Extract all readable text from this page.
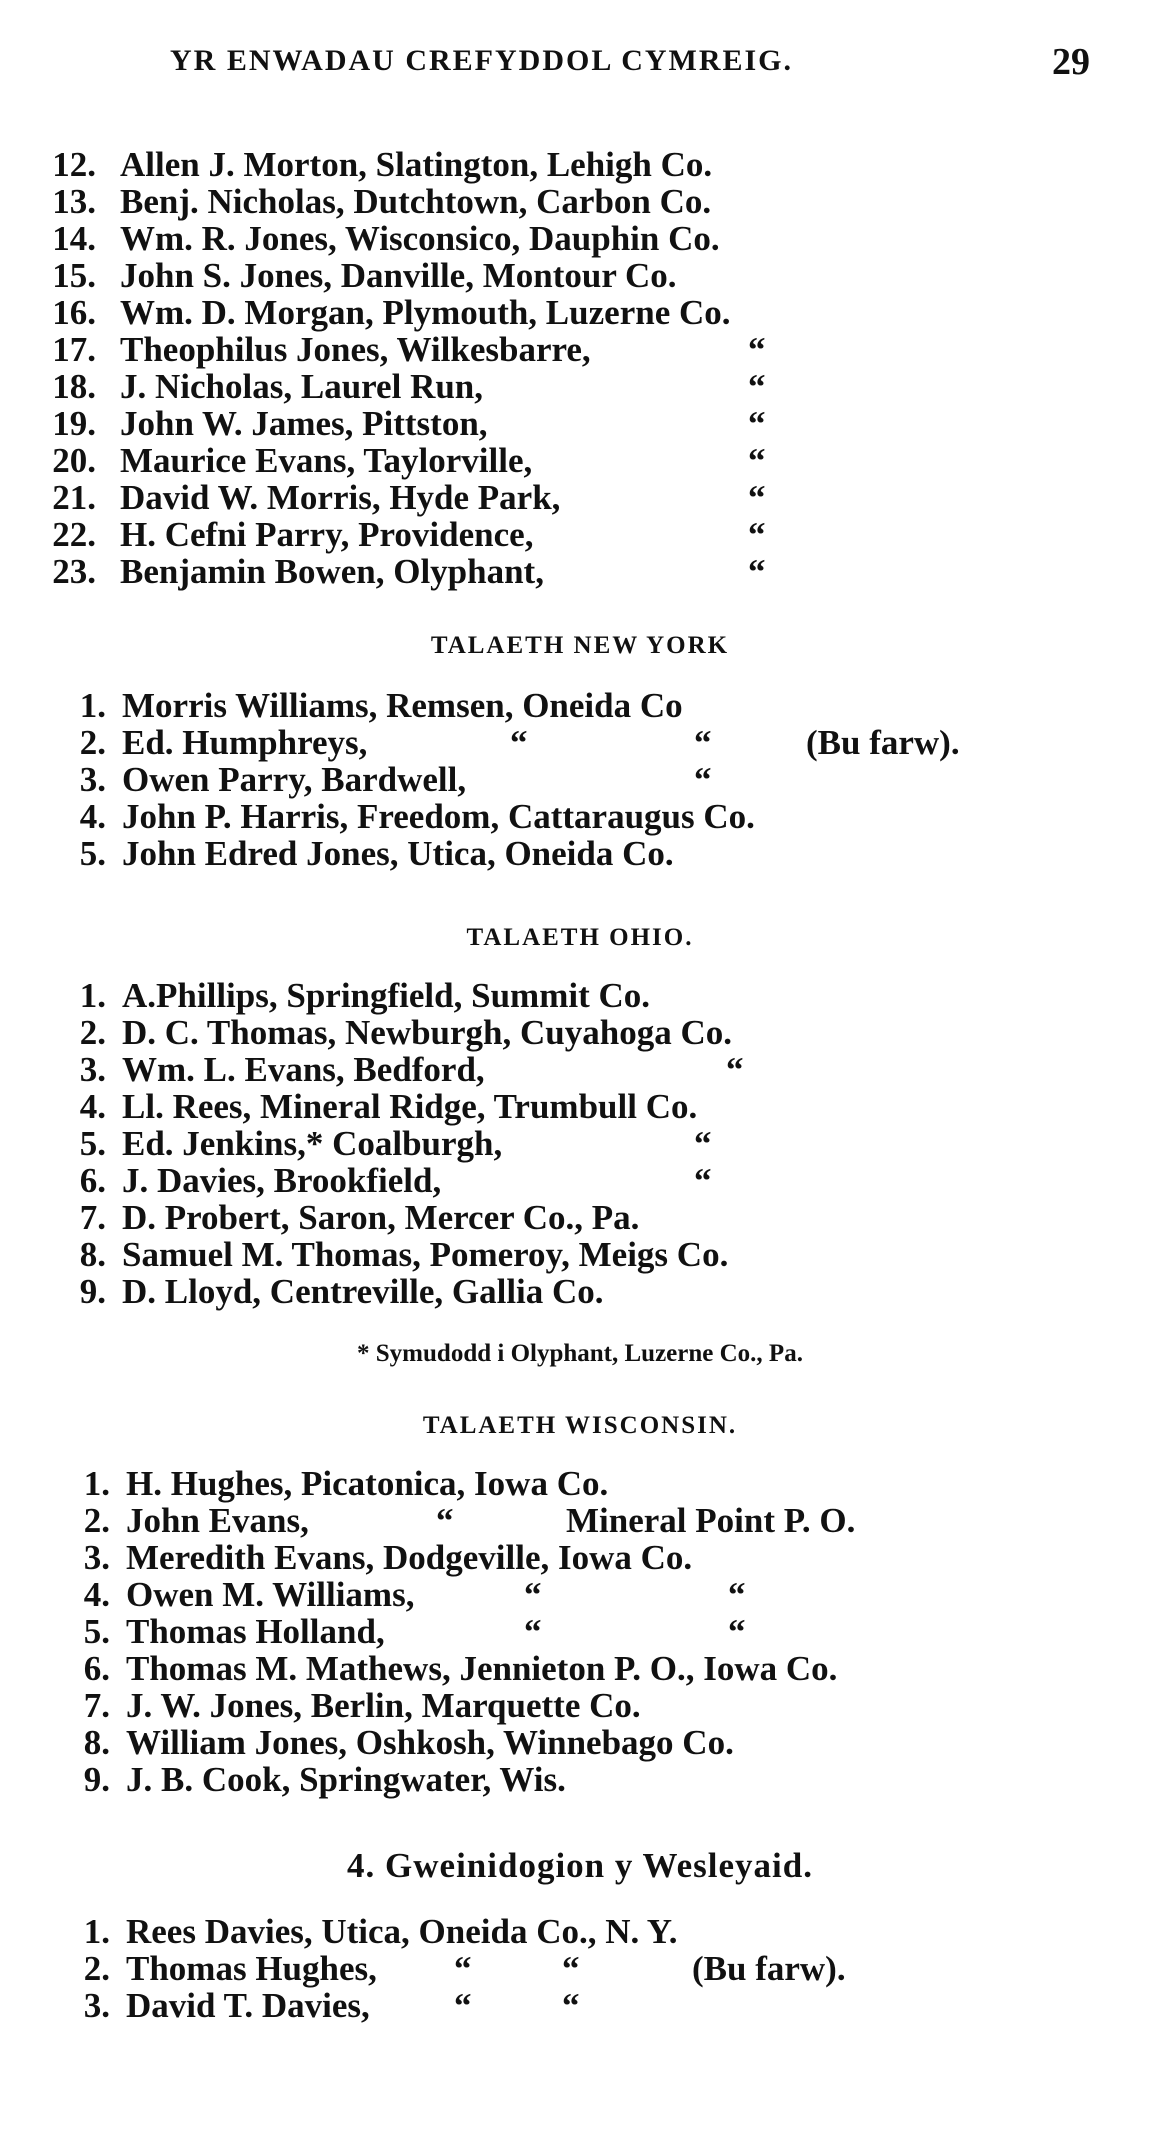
YR ENWADAU CREFYDDOL CYMREIG.	29
12. Allen J. Morton, Slatington, Lehigh Co.
13. Benj. Nicholas, Dutchtown, Carbon Co.
14. Wm. R. Jones, Wisconsico, Dauphin Co.
15. John S. Jones, Danville, Montour Co.
16. Wm. D. Morgan, Plymouth, Luzerne Co.
17. Theophilus Jones, Wilkesbarre,	“
18. J. Nicholas, Laurel Run,	“
19. John W. James, Pittston,	“
20. Maurice Evans, Taylorville,	“
21. David W. Morris, Hyde Park,	“
22. H. Cefni Parry, Providence,	“
23. Benjamin Bowen, Olyphant,	“
TALAETH NEW YORK
1. Morris Williams, Remsen, Oneida Co
2. Ed. Humphreys,	“	“	(Bu farw).
3. Owen Parry, Bardwell,	“
4. John P. Harris, Freedom, Cattaraugus Co.
5. John Edred Jones, Utica, Oneida Co.
TALAETH OHIO.
1. A.Phillips, Springfield, Summit Co.
2. D. C. Thomas, Newburgh, Cuyahoga Co.
3. Wm. L. Evans, Bedford,	“
4. Ll. Rees, Mineral Ridge, Trumbull Co.
5. Ed. Jenkins,* Coalburgh,	“
6. J. Davies, Brookfield,	“
7. D. Probert, Saron, Mercer Co., Pa.
8. Samuel M. Thomas, Pomeroy, Meigs Co.
9. D. Lloyd, Centreville, Gallia Co.
* Symudodd i Olyphant, Luzerne Co., Pa.
TALAETH WISCONSIN.
1. H. Hughes, Picatonica, Iowa Co.
2. John Evans,	“	Mineral Point P. O.
3. Meredith Evans, Dodgeville, Iowa Co.
4. Owen M. Williams,	“	“
5. Thomas Holland,	“	“
6. Thomas M. Mathews, Jennieton P. O., Iowa Co.
7. J. W. Jones, Berlin, Marquette Co.
8. William Jones, Oshkosh, Winnebago Co.
9. J. B. Cook, Springwater, Wis.
4. Gweinidogion y Wesleyaid.
1. Rees Davies, Utica, Oneida Co., N. Y.
2. Thomas Hughes, “	“	(Bu farw).
3. David T. Davies, “	“
